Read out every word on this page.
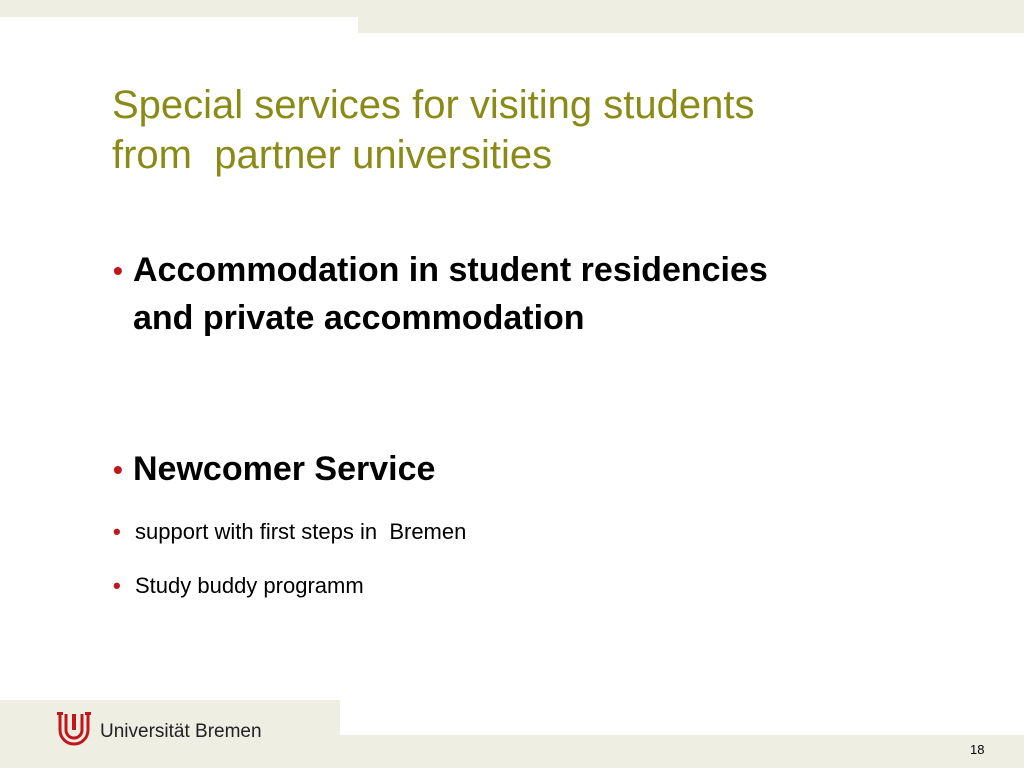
Special services for visiting students
from  partner universities
• Accommodation in student residencies
and private accommodation
• Newcomer Service
• support with first steps in  Bremen
• Study buddy programm
Universität Bremen
18
